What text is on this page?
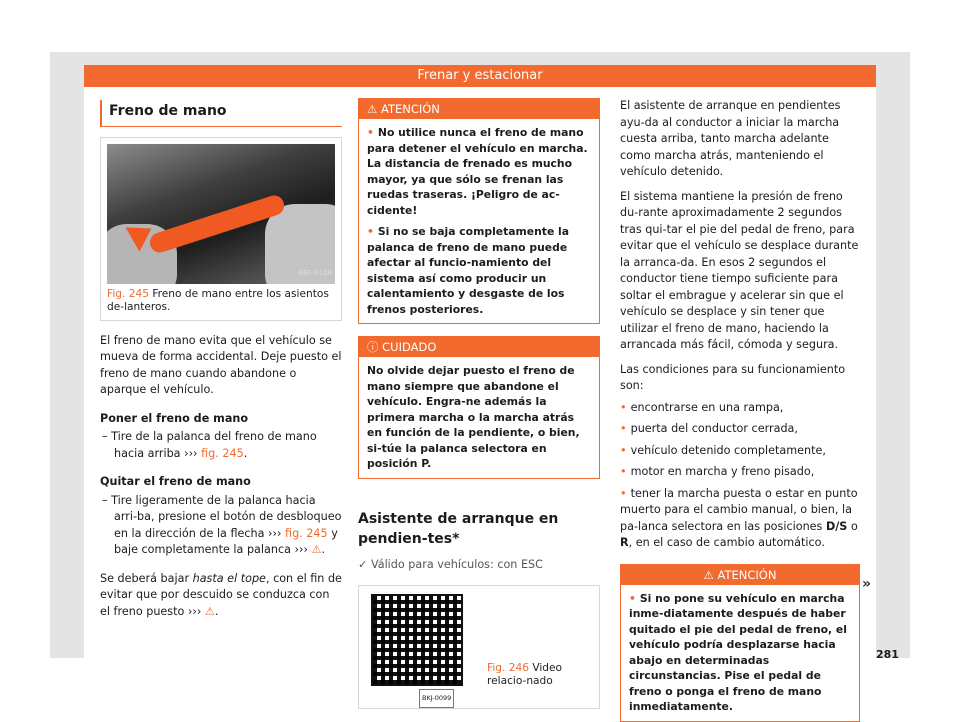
Frenar y estacionar
Freno de mano
B6F-0106
Fig. 245 Freno de mano entre los asientos de-lanteros.

El freno de mano evita que el vehículo se mueva de forma accidental. Deje puesto el freno de mano cuando abandone o aparque el vehículo.

Poner el freno de mano

– Tire de la palanca del freno de mano hacia arriba ››› fig. 245.

Quitar el freno de mano

– Tire ligeramente de la palanca hacia arri-ba, presione el botón de desbloqueo en la dirección de la flecha ››› fig. 245 y baje completamente la palanca ››› ⚠.

Se deberá bajar hasta el tope, con el fin de evitar que por descuido se conduzca con el freno puesto ››› ⚠.

⚠ ATENCIÓN
• No utilice nunca el freno de mano para detener el vehículo en marcha. La distancia de frenado es mucho mayor, ya que sólo se frenan las ruedas traseras. ¡Peligro de ac-cidente!
• Si no se baja completamente la palanca de freno de mano puede afectar al funcio-namiento del sistema así como producir un calentamiento y desgaste de los frenos posteriores.
ⓘ CUIDADO
No olvide dejar puesto el freno de mano siempre que abandone el vehículo. Engra-ne además la primera marcha o la marcha atrás en función de la pendiente, o bien, si-túe la palanca selectora en posición P.
Asistente de arranque en pendien-tes*
✓ Válido para vehículos: con ESC
BKJ-0099
Fig. 246 Video relacio-nado
El asistente de arranque en pendientes ayu-da al conductor a iniciar la marcha cuesta arriba, tanto marcha adelante como marcha atrás, manteniendo el vehículo detenido.

El sistema mantiene la presión de freno du-rante aproximadamente 2 segundos tras qui-tar el pie del pedal de freno, para evitar que el vehículo se desplace durante la arranca-da. En esos 2 segundos el conductor tiene tiempo suficiente para soltar el embrague y acelerar sin que el vehículo se desplace y sin tener que utilizar el freno de mano, haciendo la arrancada más fácil, cómoda y segura.

Las condiciones para su funcionamiento son:

• encontrarse en una rampa,
• puerta del conductor cerrada,
• vehículo detenido completamente,
• motor en marcha y freno pisado,
• tener la marcha puesta o estar en punto muerto para el cambio manual, o bien, la pa-lanca selectora en las posiciones D/S o R, en el caso de cambio automático.
⚠ ATENCIÓN
• Si no pone su vehículo en marcha inme-diatamente después de haber quitado el pie del pedal de freno, el vehículo podría desplazarse hacia abajo en determinadas circunstancias. Pise el pedal de freno o ponga el freno de mano inmediatamente.
»
281
